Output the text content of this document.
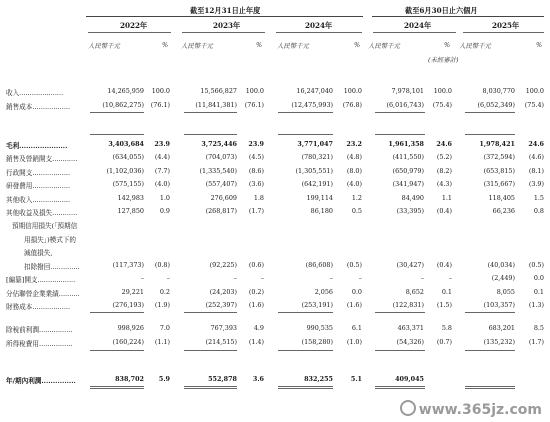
截至12月31日止年度	截至6月30日止六個月
2022年	2023年	2024年	2024年	2025年
人民幣千元	% 人民幣千元	% 人民幣千元	% 人民幣千元	% 人民幣千元	%
(未經審計)
收入.....................	14,265,959 100.0	15,566,827 100.0	16,247,040 100.0	7,978,101 100.0	8,030,770 100.0
銷售成本..................	(10,862,275) (76.1)	(11,841,381) (76.1)	(12,475,993) (76.8)	(6,016,743) (75.4)	(6,052,349) (75.4)
毛利.....................	3,403,684 23.9	3,725,446 23.9	3,771,047 23.2	1,961,358 24.6	1,978,421 24.6
銷售及營銷開支............	(634,055) (4.4)	(704,073) (4.5)	(780,321) (4.8)	(411,550) (5.2)	(372,594) (4.6)
行政開支..................	(1,102,036) (7.7)	(1,335,540) (8.6)	(1,305,551) (8.0)	(650,979) (8.2)	(653,815) (8.1)
研發費用..................	(575,155) (4.0)	(557,407) (3.6)	(642,191) (4.0)	(341,947) (4.3)	(315,667) (3.9)
其他收入..................	142,983 1.0	276,609	1.8	199,114	1.2	84,490	1.1	118,405	1.5
其他收益及損失............	127,850 0.9	(268,817) (1.7)	86,180	0.5	(33,395) (0.4)	66,236	0.8
預期信用損失(「預期信
用損失」)模式下的
減值損失,
扣除撥回..............	(117,373) (0.8)	(92,225) (0.6)	(86,608) (0.5)	(30,427) (0.4)	(40,034) (0.5)
[編纂]開支..................	–	–	–	–	–	–	–	–	(2,449)	0.0
分佔聯營企業業績..........	29,221 0.2	(24,203) (0.2)	2,056	0.0	8,652	0.1	8,055	0.1
財務成本..................	(276,193) (1.9)	(252,397) (1.6)	(253,191) (1.6)	(122,831) (1.5)	(103,357) (1.3)
除稅前利潤................	998,926 7.0	767,393	4.9	990,535	6.1	463,371	5.8	683,201	8.5
所得稅費用................	(160,224) (1.1)	(214,515) (1.4)	(158,280) (1.0)	(54,326) (0.7)	(135,232) (1.7)
年/期內利潤...............	838,702 5.9	552,878 3.6	832,255	5.1	409,045
www.365jz.com
